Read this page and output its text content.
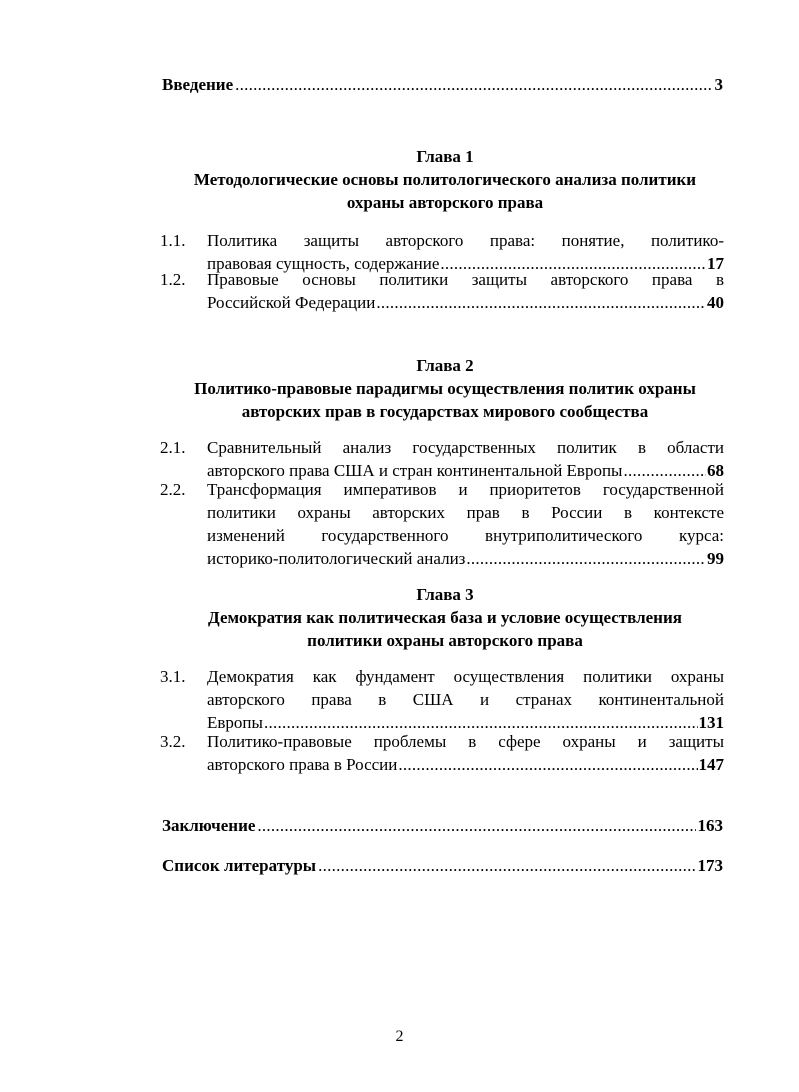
Введение . . .	3
Глава 1
Методологические основы политологического анализа политики
охраны авторского права
1.1. Политика защиты авторского права: понятие, политико-
правовая сущность, содержание . . .	17
1.2. Правовые основы политики защиты авторского права в
Российской Федерации . . .	40
Глава 2
Политико-правовые парадигмы осуществления политик охраны
авторских прав в государствах мирового сообщества
2.1. Сравнительный анализ государственных политик в области
авторского права США и стран континентальной Европы . . .	68
2.2. Трансформация императивов и приоритетов государственной
политики охраны авторских прав в России в контексте
изменений государственного внутриполитического курса:
историко-политологический анализ . . .	99
Глава 3
Демократия как политическая база и условие осуществления
политики охраны авторского права
3.1. Демократия как фундамент осуществления политики охраны
авторского права в США и странах континентальной
Европы . . .	131
3.2. Политико-правовые проблемы в сфере охраны и защиты
авторского права в России . . .	147
Заключение . . .	163
Список литературы . . .	173
2
